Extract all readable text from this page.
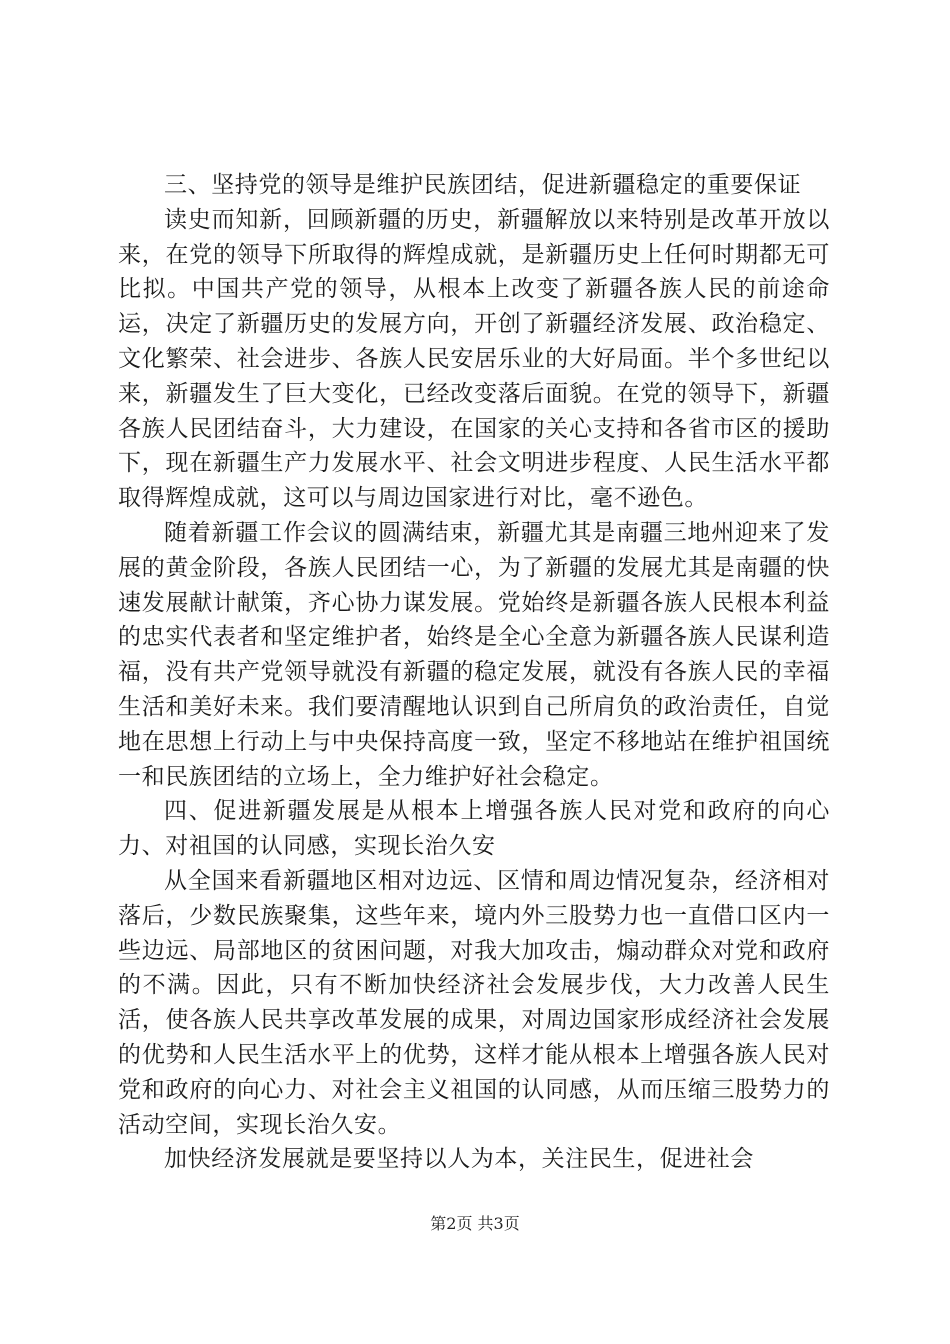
三、坚持党的领导是维护民族团结，促进新疆稳定的重要保证

读史而知新，回顾新疆的历史，新疆解放以来特别是改革开放以来，在党的领导下所取得的辉煌成就，是新疆历史上任何时期都无可比拟。中国共产党的领导，从根本上改变了新疆各族人民的前途命运，决定了新疆历史的发展方向，开创了新疆经济发展、政治稳定、文化繁荣、社会进步、各族人民安居乐业的大好局面。半个多世纪以来，新疆发生了巨大变化，已经改变落后面貌。在党的领导下，新疆各族人民团结奋斗，大力建设，在国家的关心支持和各省市区的援助下，现在新疆生产力发展水平、社会文明进步程度、人民生活水平都取得辉煌成就，这可以与周边国家进行对比，毫不逊色。

随着新疆工作会议的圆满结束，新疆尤其是南疆三地州迎来了发展的黄金阶段，各族人民团结一心，为了新疆的发展尤其是南疆的快速发展献计献策，齐心协力谋发展。党始终是新疆各族人民根本利益的忠实代表者和坚定维护者，始终是全心全意为新疆各族人民谋利造福，没有共产党领导就没有新疆的稳定发展，就没有各族人民的幸福生活和美好未来。我们要清醒地认识到自己所肩负的政治责任，自觉地在思想上行动上与中央保持高度一致，坚定不移地站在维护祖国统一和民族团结的立场上，全力维护好社会稳定。

四、促进新疆发展是从根本上增强各族人民对党和政府的向心力、对祖国的认同感，实现长治久安

从全国来看新疆地区相对边远、区情和周边情况复杂，经济相对落后，少数民族聚集，这些年来，境内外三股势力也一直借口区内一些边远、局部地区的贫困问题，对我大加攻击，煽动群众对党和政府的不满。因此，只有不断加快经济社会发展步伐，大力改善人民生活，使各族人民共享改革发展的成果，对周边国家形成经济社会发展的优势和人民生活水平上的优势，这样才能从根本上增强各族人民对党和政府的向心力、对社会主义祖国的认同感，从而压缩三股势力的活动空间，实现长治久安。

加快经济发展就是要坚持以人为本，关注民生，促进社会

第2页 共3页
